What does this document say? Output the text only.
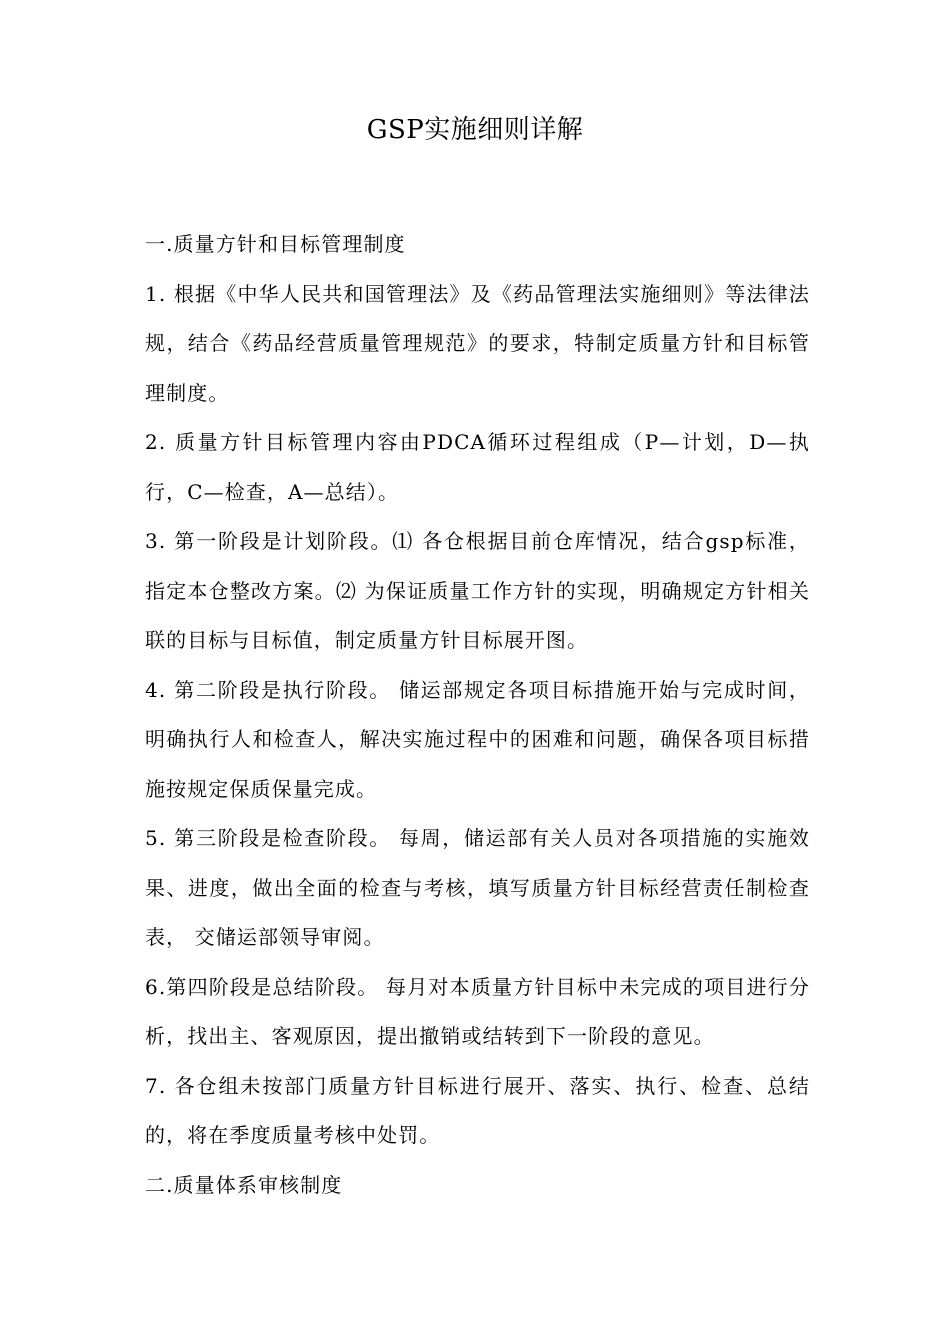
GSP实施细则详解

一.质量方针和目标管理制度

1. 根据《中华人民共和国管理法》及《药品管理法实施细则》等法律法规，结合《药品经营质量管理规范》的要求，特制定质量方针和目标管理制度。

2. 质量方针目标管理内容由PDCA循环过程组成（P—计划，D—执行，C—检查，A—总结）。

3. 第一阶段是计划阶段。⑴ 各仓根据目前仓库情况，结合gsp标准，指定本仓整改方案。⑵ 为保证质量工作方针的实现，明确规定方针相关联的目标与目标值，制定质量方针目标展开图。

4. 第二阶段是执行阶段。 储运部规定各项目标措施开始与完成时间，明确执行人和检查人，解决实施过程中的困难和问题，确保各项目标措施按规定保质保量完成。

5. 第三阶段是检查阶段。 每周，储运部有关人员对各项措施的实施效果、进度，做出全面的检查与考核，填写质量方针目标经营责任制检查表， 交储运部领导审阅。

6.第四阶段是总结阶段。 每月对本质量方针目标中未完成的项目进行分析，找出主、客观原因，提出撤销或结转到下一阶段的意见。

7. 各仓组未按部门质量方针目标进行展开、落实、执行、检查、总结的，将在季度质量考核中处罚。

二.质量体系审核制度
